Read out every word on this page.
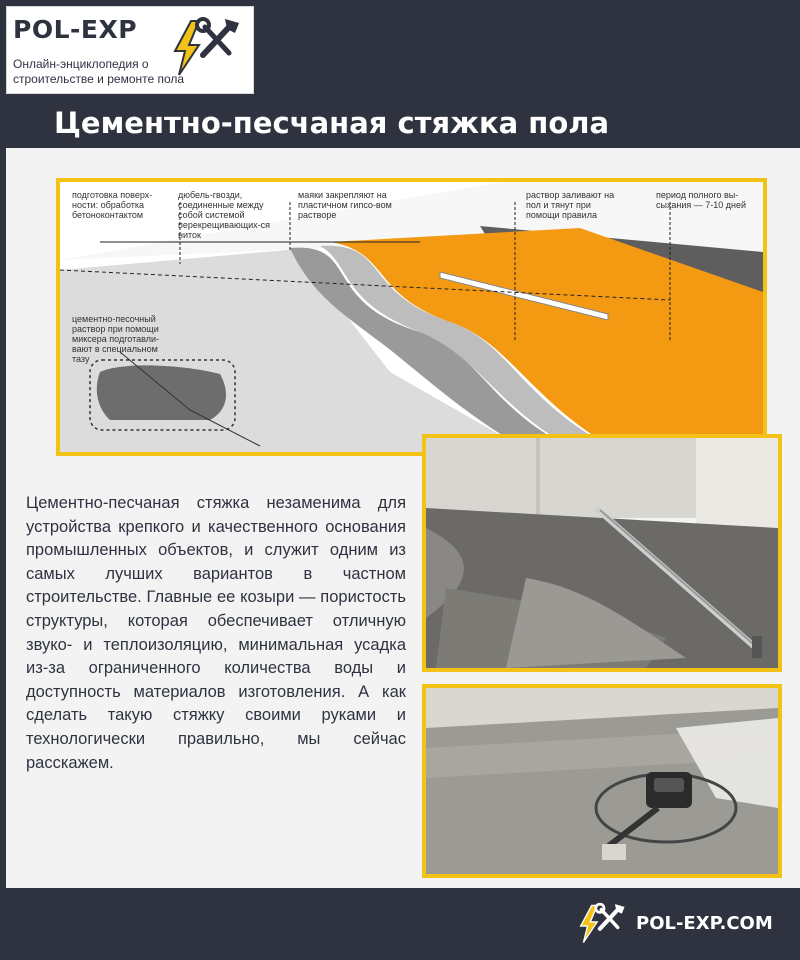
POL-EXP
Онлайн-энциклопедия о строительстве и ремонте пола
Цементно-песчаная стяжка пола
подготовка поверх-ности: обработка бетоноконтактом
дюбель-гвозди, соединенные между собой системой перекрещивающих-ся ниток
маяки закрепляют на пластичном гипсо-вом растворе
раствор заливают на пол и тянут при помощи правила
период полного вы-сыхания — 7-10 дней
цементно-песочный раствор при помощи миксера подготавли-вают в специальном тазу
Цементно-песчаная стяжка незаменима для устройства крепкого и качественного основания промышленных объектов, и служит одним из самых лучших вариантов в частном строительстве. Главные ее козыри — пористость структуры, которая обеспечивает отличную звуко- и теплоизоляцию, минимальная усадка из-за ограниченного количества воды и доступность материалов изготовления. А как сделать такую стяжку своими руками и технологически правильно, мы сейчас расскажем.
POL-EXP.COM
